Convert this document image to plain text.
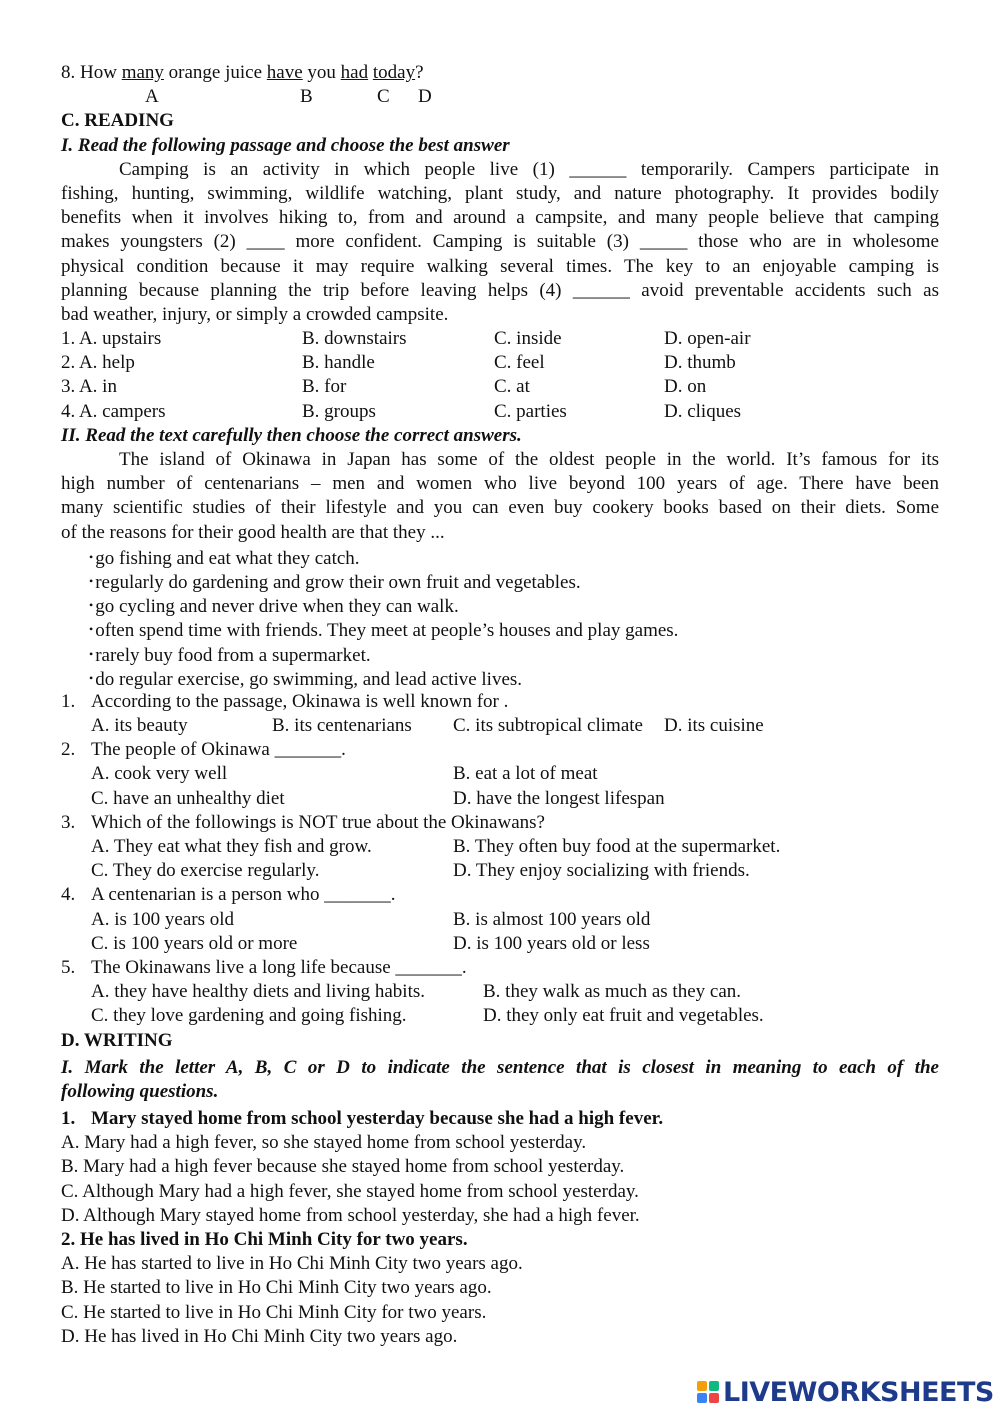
8. How many orange juice have you had today?
A	B	C D
C. READING
I. Read the following passage and choose the best answer
Camping is an activity in which people live (1) ______ temporarily. Campers participate in
fishing, hunting, swimming, wildlife watching, plant study, and nature photography. It provides bodily
benefits when it involves hiking to, from and around a campsite, and many people believe that camping
makes youngsters (2) ____ more confident. Camping is suitable (3) _____ those who are in wholesome
physical condition because it may require walking several times. The key to an enjoyable camping is
planning because planning the trip before leaving helps (4) ______ avoid preventable accidents such as
bad weather, injury, or simply a crowded campsite.
1. A. upstairs	B. downstairs	C. inside	D. open-air
2. A. help	B. handle	C. feel	D. thumb
3. A. in	B. for	C. at	D. on
4. A. campers	B. groups	C. parties	D. cliques
II. Read the text carefully then choose the correct answers.
The island of Okinawa in Japan has some of the oldest people in the world. It’s famous for its
high number of centenarians – men and women who live beyond 100 years of age. There have been
many scientific studies of their lifestyle and you can even buy cookery books based on their diets. Some
of the reasons for their good health are that they ...
• go fishing and eat what they catch.
• regularly do gardening and grow their own fruit and vegetables.
• go cycling and never drive when they can walk.
• often spend time with friends. They meet at people’s houses and play games.
• rarely buy food from a supermarket.
• do regular exercise, go swimming, and lead active lives.
1. According to the passage, Okinawa is well known for .
A. its beauty	B. its centenarians C. its subtropical climate D. its cuisine
2. The people of Okinawa _______.
A. cook very well	B. eat a lot of meat
C. have an unhealthy diet	D. have the longest lifespan
3. Which of the followings is NOT true about the Okinawans?
A. They eat what they fish and grow.	B. They often buy food at the supermarket.
C. They do exercise regularly.	D. They enjoy socializing with friends.
4. A centenarian is a person who _______.
A. is 100 years old	B. is almost 100 years old
C. is 100 years old or more	D. is 100 years old or less
5. The Okinawans live a long life because _______.
A. they have healthy diets and living habits.	B. they walk as much as they can.
C. they love gardening and going fishing.	D. they only eat fruit and vegetables.
D. WRITING
I. Mark the letter A, B, C or D to indicate the sentence that is closest in meaning to each of the
following questions.
1. Mary stayed home from school yesterday because she had a high fever.
A. Mary had a high fever, so she stayed home from school yesterday.
B. Mary had a high fever because she stayed home from school yesterday.
C. Although Mary had a high fever, she stayed home from school yesterday.
D. Although Mary stayed home from school yesterday, she had a high fever.
2. He has lived in Ho Chi Minh City for two years.
A. He has started to live in Ho Chi Minh City two years ago.
B. He started to live in Ho Chi Minh City two years ago.
C. He started to live in Ho Chi Minh City for two years.
D. He has lived in Ho Chi Minh City two years ago.
LIVEWORKSHEETS
